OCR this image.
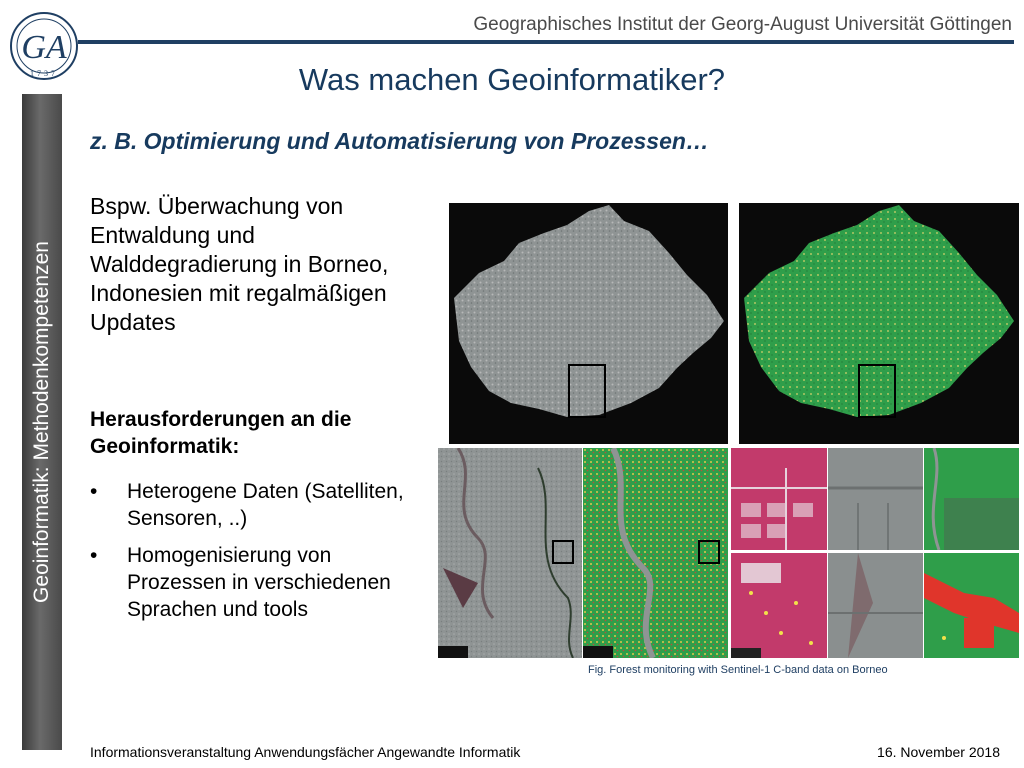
GA
1737
Geographisches Institut der Georg-August Universität Göttingen
Was machen Geoinformatiker?
Geoinformatik: Methodenkompetenzen
z. B. Optimierung und Automatisierung von Prozessen…

Bspw. Überwachung von Entwaldung und Walddegradierung in Borneo, Indonesien mit regalmäßigen Updates

Herausforderungen an die Geoinformatik:

• Heterogene Daten (Satelliten, Sensoren, ..)
• Homogenisierung von Prozessen in verschiedenen Sprachen und tools
Fig. Forest monitoring with Sentinel-1 C-band data on Borneo
Informationsveranstaltung Anwendungsfächer Angewandte Informatik	16. November 2018
